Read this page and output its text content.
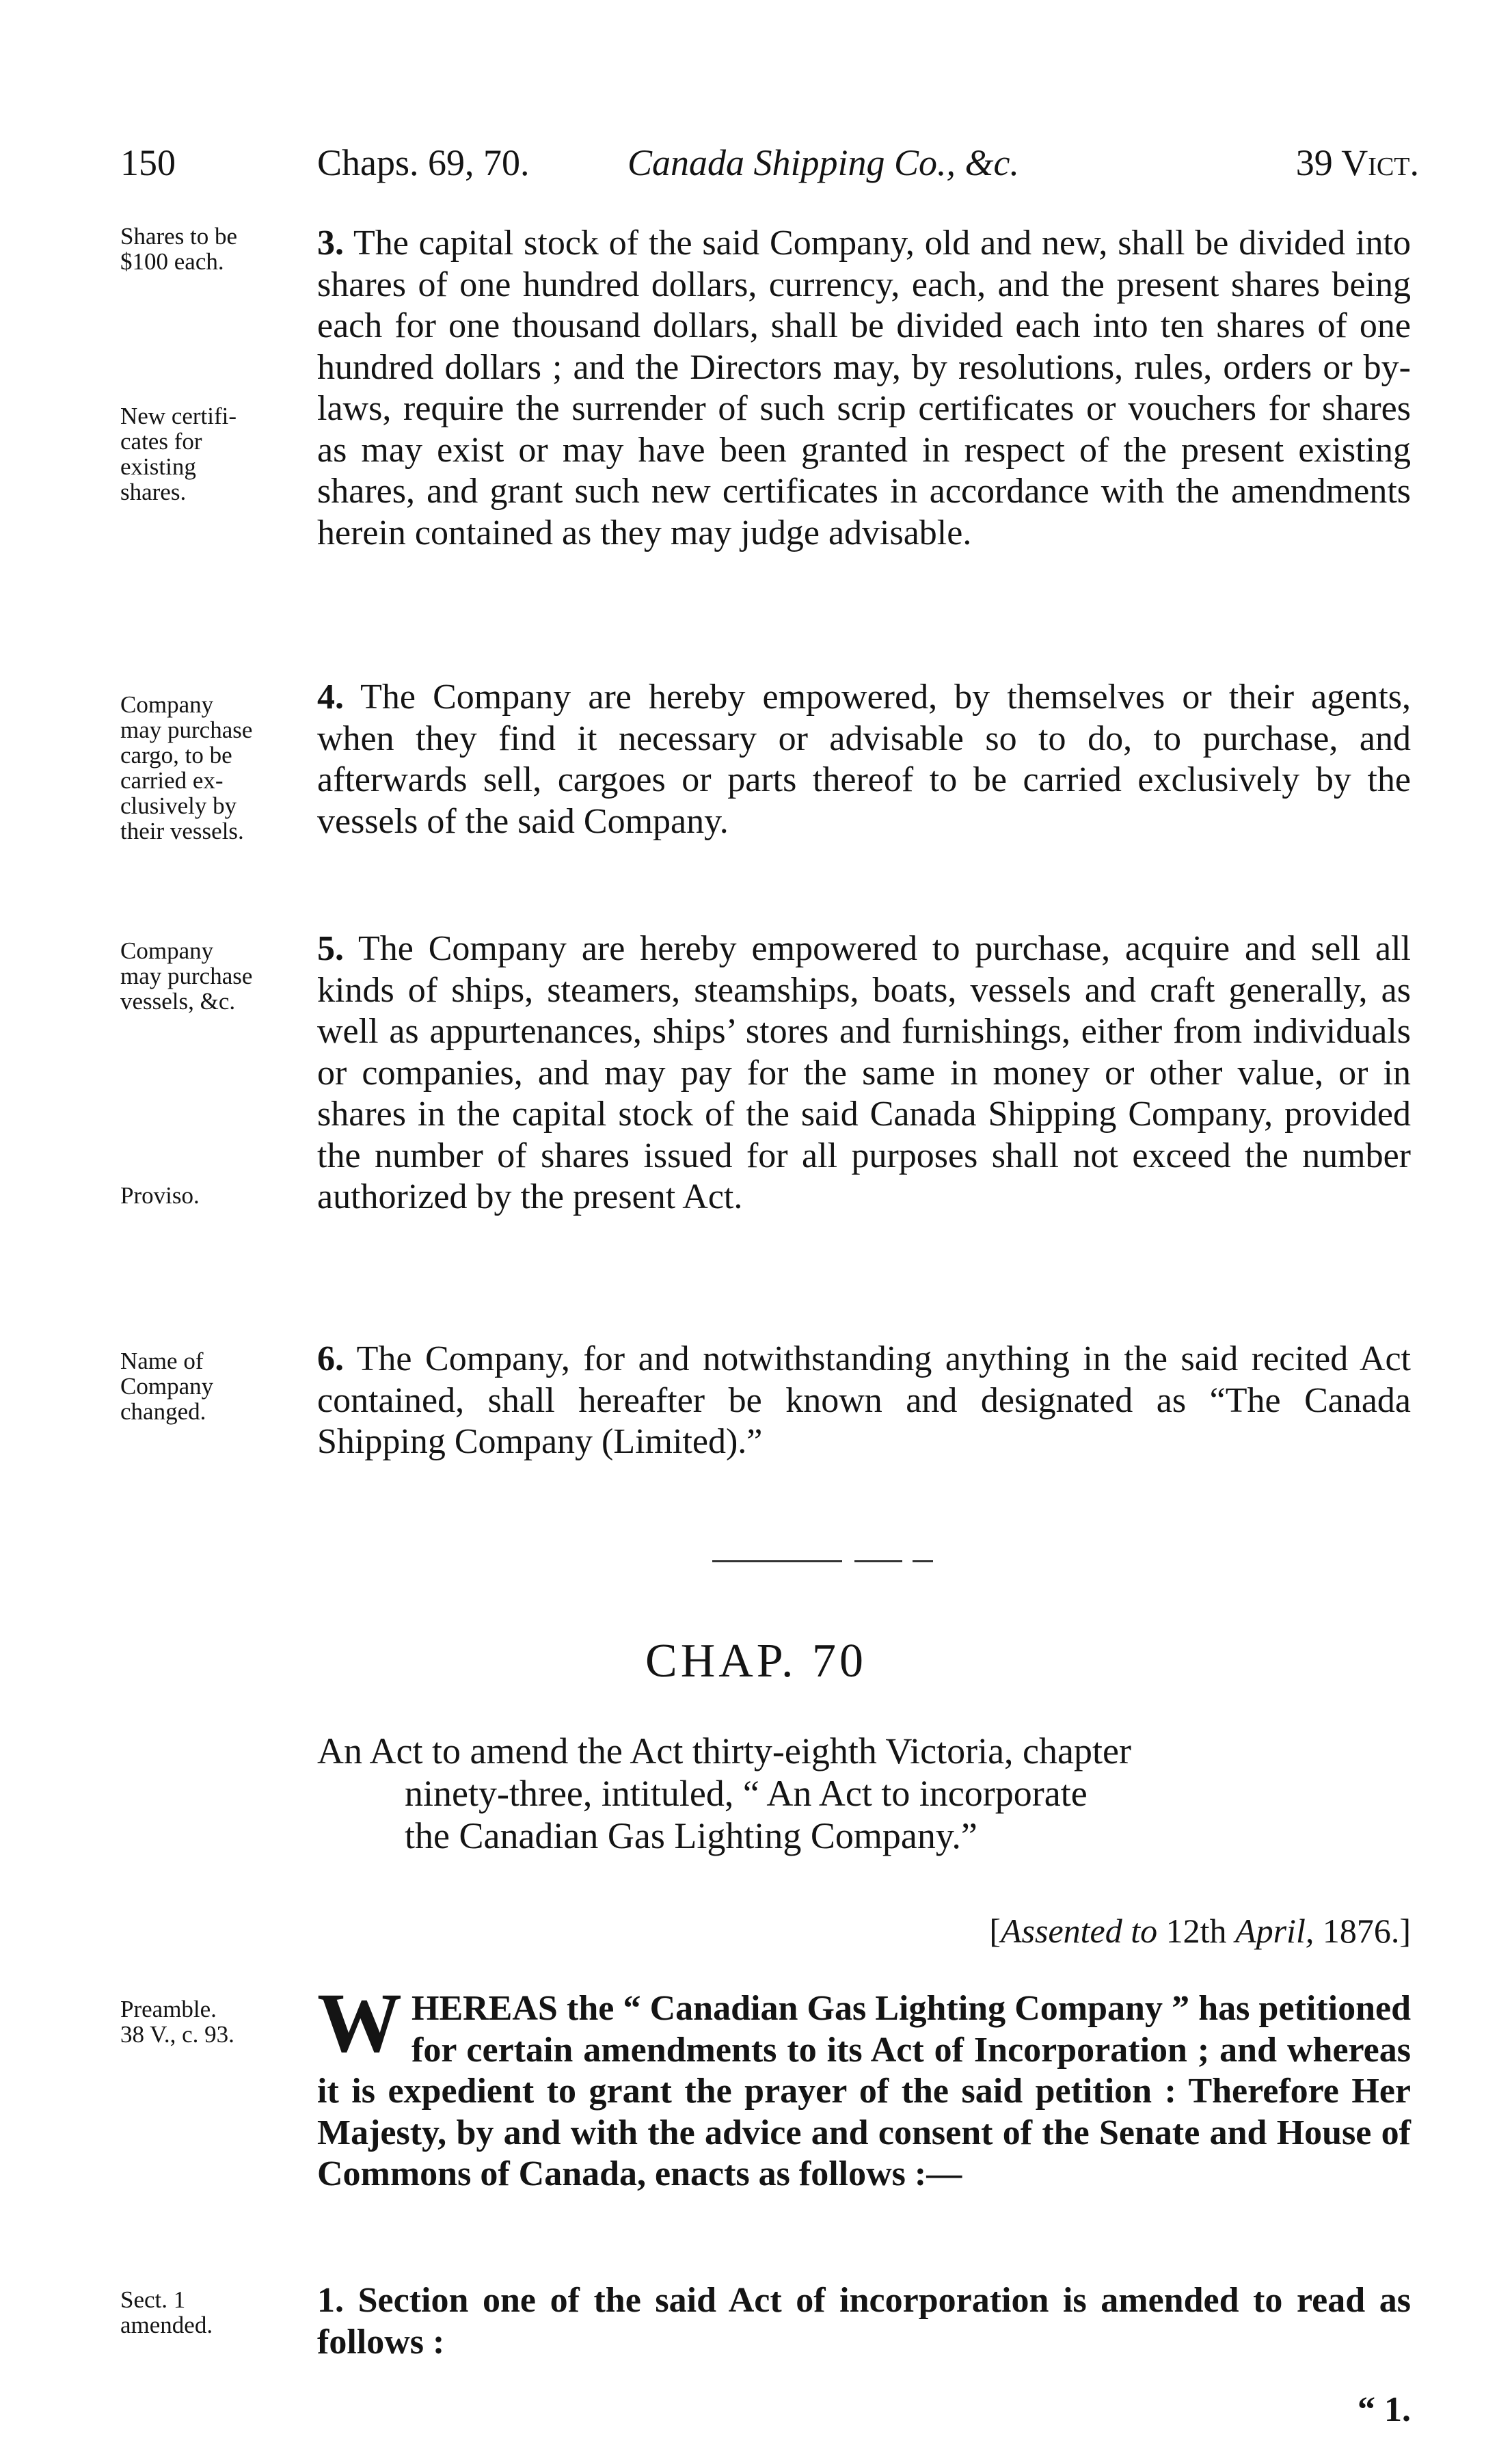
150	Chaps. 69, 70.	Canada Shipping Co., &c.	39 Vict.
Shares to be
$100 each.
New certifi-
cates for
existing
shares.
3. The capital stock of the said Company, old and new, shall be divided into shares of one hundred dollars, currency, each, and the present shares being each for one thousand dollars, shall be divided each into ten shares of one hundred dollars ; and the Directors may, by resolutions, rules, orders or by-laws, require the surrender of such scrip certificates or vouchers for shares as may exist or may have been granted in respect of the present existing shares, and grant such new certificates in accordance with the amendments herein contained as they may judge advisable.
Company
may purchase
cargo, to be
carried ex-
clusively by
their vessels.
4. The Company are hereby empowered, by themselves or their agents, when they find it necessary or advisable so to do, to purchase, and afterwards sell, cargoes or parts thereof to be carried exclusively by the vessels of the said Company.
Company
may purchase
vessels, &c.
Proviso.
5. The Company are hereby empowered to purchase, acquire and sell all kinds of ships, steamers, steamships, boats, vessels and craft generally, as well as appurtenances, ships’ stores and furnishings, either from individuals or companies, and may pay for the same in money or other value, or in shares in the capital stock of the said Canada Shipping Company, provided the number of shares issued for all purposes shall not exceed the number authorized by the present Act.
Name of
Company
changed.
6. The Company, for and notwithstanding anything in the said recited Act contained, shall hereafter be known and designated as “The Canada Shipping Company (Limited).”
CHAP. 70
An Act to amend the Act thirty-eighth Victoria, chapter
ninety-three, intituled, “ An Act to incorporate
the Canadian Gas Lighting Company.”
[Assented to 12th April, 1876.]
Preamble.
38 V., c. 93. W HEREAS the “ Canadian Gas Lighting Company ” has petitioned for certain amendments to its Act of Incorporation ; and whereas it is expedient to grant the prayer of the said petition : Therefore Her Majesty, by and with the advice and consent of the Senate and House of Commons of Canada, enacts as follows :—
Sect. 1
amended.
1. Section one of the said Act of incorporation is amended to read as follows :
“ 1.
